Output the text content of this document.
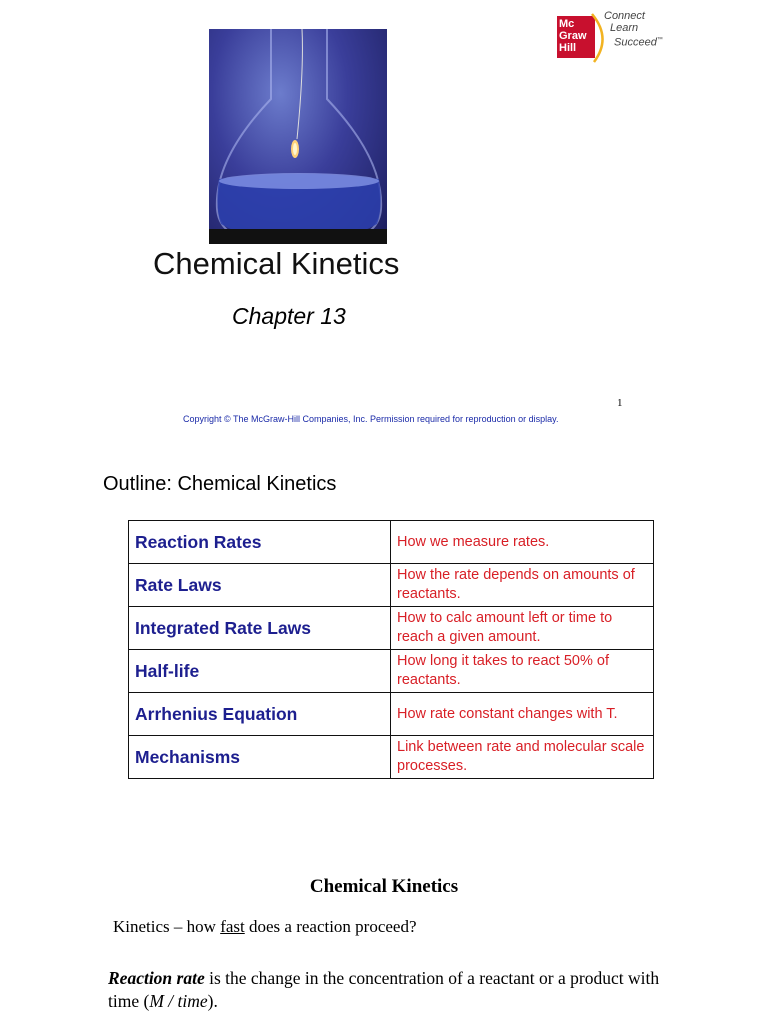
Mc
Graw
Hill
Connect
Learn
Succeed™
Chemical Kinetics
Chapter 13
1
Copyright © The McGraw-Hill Companies, Inc. Permission required for reproduction or display.
Outline: Chemical Kinetics
Reaction Rates	How we measure rates.
Rate Laws	How the rate depends on amounts of reactants.
Integrated Rate Laws	How to calc amount left or time to reach a given amount.
Half-life	How long it takes to react 50% of reactants.
Arrhenius Equation	How rate constant changes with T.
Mechanisms	Link between rate and molecular scale processes.
Chemical Kinetics
Kinetics – how fast does a reaction proceed?
Reaction rate is the change in the concentration of a reactant or a product with time (M / time).
